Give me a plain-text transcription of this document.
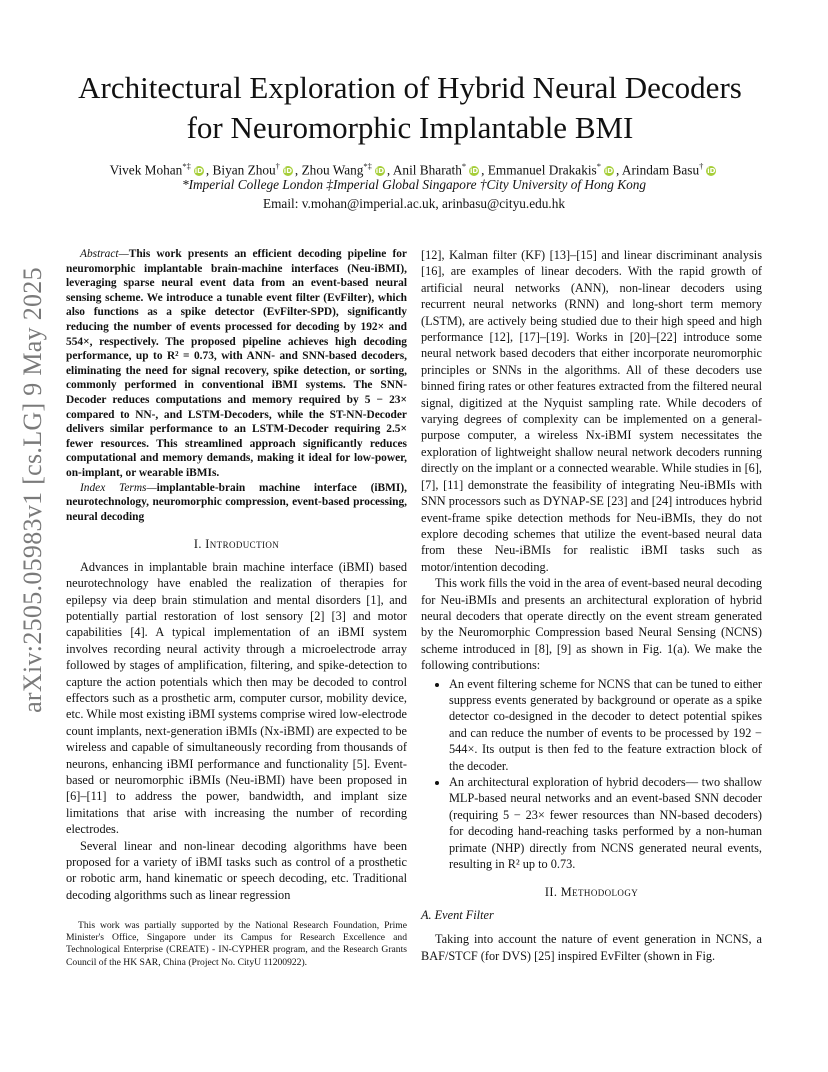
arXiv:2505.05983v1 [cs.LG] 9 May 2025
Architectural Exploration of Hybrid Neural Decoders for Neuromorphic Implantable BMI
Vivek Mohan*‡iD , Biyan Zhou†iD , Zhou Wang*‡iD , Anil Bharath*iD , Emmanuel Drakakis*iD , Arindam Basu†iD
*Imperial College London ‡Imperial Global Singapore †City University of Hong Kong
Email: v.mohan@imperial.ac.uk, arinbasu@cityu.edu.hk

Abstract—This work presents an efficient decoding pipeline for neuromorphic implantable brain-machine interfaces (Neu-iBMI), leveraging sparse neural event data from an event-based neural sensing scheme. We introduce a tunable event filter (EvFilter), which also functions as a spike detector (EvFilter-SPD), significantly reducing the number of events processed for decoding by 192× and 554×, respectively. The proposed pipeline achieves high decoding performance, up to R² = 0.73, with ANN- and SNN-based decoders, eliminating the need for signal recovery, spike detection, or sorting, commonly performed in conventional iBMI systems. The SNN-Decoder reduces computations and memory required by 5 − 23× compared to NN-, and LSTM-Decoders, while the ST-NN-Decoder delivers similar performance to an LSTM-Decoder requiring 2.5× fewer resources. This streamlined approach significantly reduces computational and memory demands, making it ideal for low-power, on-implant, or wearable iBMIs.

Index Terms—implantable-brain machine interface (iBMI), neurotechnology, neuromorphic compression, event-based processing, neural decoding

I. Introduction

Advances in implantable brain machine interface (iBMI) based neurotechnology have enabled the realization of therapies for epilepsy via deep brain stimulation and mental disorders [1], and potentially partial restoration of lost sensory [2] [3] and motor capabilities [4]. A typical implementation of an iBMI system involves recording neural activity through a microelectrode array followed by stages of amplification, filtering, and spike-detection to capture the action potentials which then may be decoded to control effectors such as a prosthetic arm, computer cursor, mobility device, etc. While most existing iBMI systems comprise wired low-electrode count implants, next-generation iBMIs (Nx-iBMI) are expected to be wireless and capable of simultaneously recording from thousands of neurons, enhancing iBMI performance and functionality [5]. Event-based or neuromorphic iBMIs (Neu-iBMI) have been proposed in [6]–[11] to address the power, bandwidth, and implant size limitations that arise with increasing the number of recording electrodes.

Several linear and non-linear decoding algorithms have been proposed for a variety of iBMI tasks such as control of a prosthetic or robotic arm, hand kinematic or speech decoding, etc. Traditional decoding algorithms such as linear regression

This work was partially supported by the National Research Foundation, Prime Minister's Office, Singapore under its Campus for Research Excellence and Technological Enterprise (CREATE) - IN-CYPHER program, and the Research Grants Council of the HK SAR, China (Project No. CityU 11200922).

[12], Kalman filter (KF) [13]–[15] and linear discriminant analysis [16], are examples of linear decoders. With the rapid growth of artificial neural networks (ANN), non-linear decoders using recurrent neural networks (RNN) and long-short term memory (LSTM), are actively being studied due to their high speed and high performance [12], [17]–[19]. Works in [20]–[22] introduce some neural network based decoders that either incorporate neuromorphic principles or SNNs in the algorithms. All of these decoders use binned firing rates or other features extracted from the filtered neural signal, digitized at the Nyquist sampling rate. While decoders of varying degrees of complexity can be implemented on a general-purpose computer, a wireless Nx-iBMI system necessitates the exploration of lightweight shallow neural network decoders running directly on the implant or a connected wearable. While studies in [6], [7], [11] demonstrate the feasibility of integrating Neu-iBMIs with SNN processors such as DYNAP-SE [23] and [24] introduces hybrid event-frame spike detection methods for Neu-iBMIs, they do not explore decoding schemes that utilize the event-based neural data from these Neu-iBMIs for realistic iBMI tasks such as motor/intention decoding.

This work fills the void in the area of event-based neural decoding for Neu-iBMIs and presents an architectural exploration of hybrid neural decoders that operate directly on the event stream generated by the Neuromorphic Compression based Neural Sensing (NCNS) scheme introduced in [8], [9] as shown in Fig. 1(a). We make the following contributions:

• An event filtering scheme for NCNS that can be tuned to either suppress events generated by background or operate as a spike detector co-designed in the decoder to detect potential spikes and can reduce the number of events to be processed by 192 − 544×. Its output is then fed to the feature extraction block of the decoder.
• An architectural exploration of hybrid decoders— two shallow MLP-based neural networks and an event-based SNN decoder (requiring 5 − 23× fewer resources than NN-based decoders) for decoding hand-reaching tasks performed by a non-human primate (NHP) directly from NCNS generated neural events, resulting in R² up to 0.73.
II. Methodology
A. Event Filter

Taking into account the nature of event generation in NCNS, a BAF/STCF (for DVS) [25] inspired EvFilter (shown in Fig.
